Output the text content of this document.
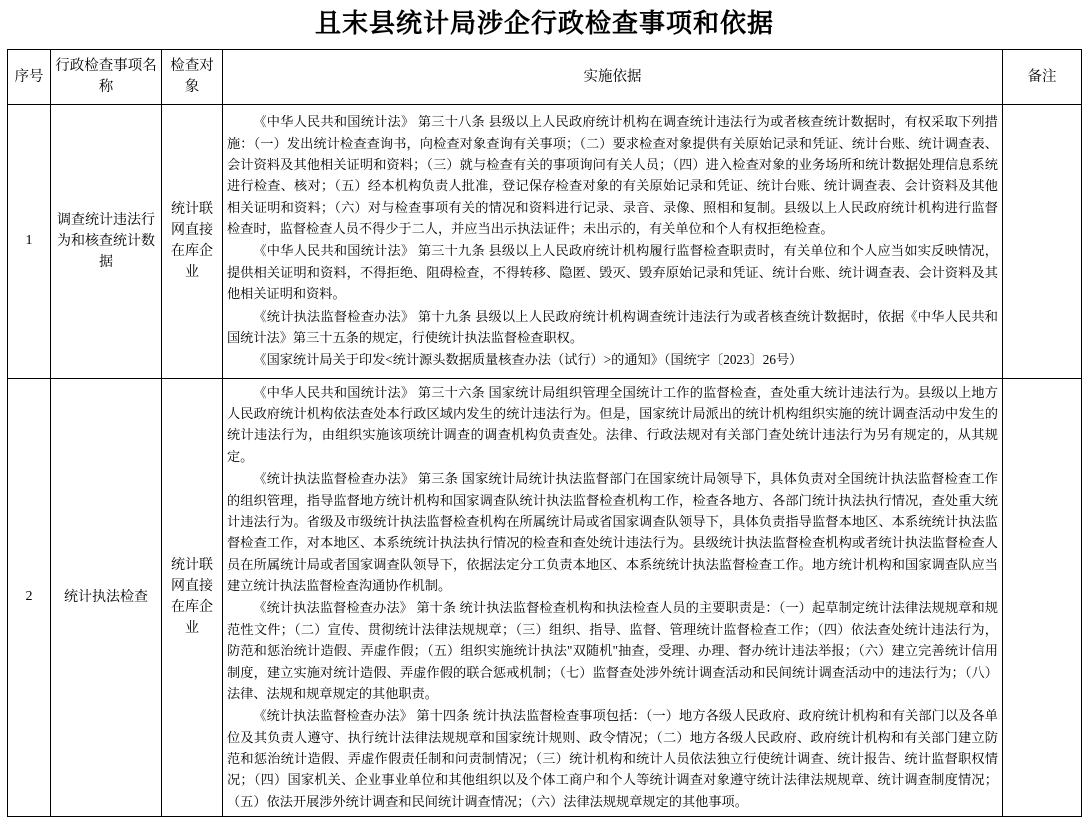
且末县统计局涉企行政检查事项和依据
序号	行政检查事项名称	检查对象	实施依据	备注
1	调查统计违法行为和核查统计数据	统计联网直接在库企业	《中华人民共和国统计法》 第三十八条 县级以上人民政府统计机构在调查统计违法行为或者核查统计数据时，有权采取下列措施：（一）发出统计检查查询书，向检查对象查询有关事项；（二）要求检查对象提供有关原始记录和凭证、统计台账、统计调查表、会计资料及其他相关证明和资料；（三）就与检查有关的事项询问有关人员；（四）进入检查对象的业务场所和统计数据处理信息系统进行检查、核对；（五）经本机构负责人批准，登记保存检查对象的有关原始记录和凭证、统计台账、统计调查表、会计资料及其他相关证明和资料；（六）对与检查事项有关的情况和资料进行记录、录音、录像、照相和复制。县级以上人民政府统计机构进行监督检查时，监督检查人员不得少于二人，并应当出示执法证件；未出示的，有关单位和个人有权拒绝检查。

《中华人民共和国统计法》 第三十九条 县级以上人民政府统计机构履行监督检查职责时，有关单位和个人应当如实反映情况，提供相关证明和资料，不得拒绝、阻碍检查，不得转移、隐匿、毁灭、毁弃原始记录和凭证、统计台账、统计调查表、会计资料及其他相关证明和资料。

《统计执法监督检查办法》 第十九条 县级以上人民政府统计机构调查统计违法行为或者核查统计数据时，依据《中华人民共和国统计法》第三十五条的规定，行使统计执法监督检查职权。

《国家统计局关于印发<统计源头数据质量核查办法（试行）>的通知》（国统字〔2023〕26号）	

2	统计执法检查	统计联网直接在库企业	《中华人民共和国统计法》 第三十六条 国家统计局组织管理全国统计工作的监督检查，查处重大统计违法行为。县级以上地方人民政府统计机构依法查处本行政区域内发生的统计违法行为。但是，国家统计局派出的统计机构组织实施的统计调查活动中发生的统计违法行为，由组织实施该项统计调查的调查机构负责查处。法律、行政法规对有关部门查处统计违法行为另有规定的，从其规定。

《统计执法监督检查办法》 第三条 国家统计局统计执法监督部门在国家统计局领导下，具体负责对全国统计执法监督检查工作的组织管理，指导监督地方统计机构和国家调查队统计执法监督检查机构工作，检查各地方、各部门统计执法执行情况，查处重大统计违法行为。省级及市级统计执法监督检查机构在所属统计局或省国家调查队领导下，具体负责指导监督本地区、本系统统计执法监督检查工作，对本地区、本系统统计执法执行情况的检查和查处统计违法行为。县级统计执法监督检查机构或者统计执法监督检查人员在所属统计局或者国家调查队领导下，依据法定分工负责本地区、本系统统计执法监督检查工作。地方统计机构和国家调查队应当建立统计执法监督检查沟通协作机制。

《统计执法监督检查办法》 第十条 统计执法监督检查机构和执法检查人员的主要职责是：（一）起草制定统计法律法规规章和规范性文件；（二）宣传、贯彻统计法律法规规章；（三）组织、指导、监督、管理统计监督检查工作；（四）依法查处统计违法行为，防范和惩治统计造假、弄虚作假；（五）组织实施统计执法"双随机"抽查，受理、办理、督办统计违法举报；（六）建立完善统计信用制度，建立实施对统计造假、弄虚作假的联合惩戒机制；（七）监督查处涉外统计调查活动和民间统计调查活动中的违法行为；（八）法律、法规和规章规定的其他职责。

《统计执法监督检查办法》 第十四条 统计执法监督检查事项包括：（一）地方各级人民政府、政府统计机构和有关部门以及各单位及其负责人遵守、执行统计法律法规规章和国家统计规则、政令情况；（二）地方各级人民政府、政府统计机构和有关部门建立防范和惩治统计造假、弄虚作假责任制和问责制情况；（三）统计机构和统计人员依法独立行使统计调查、统计报告、统计监督职权情况；（四）国家机关、企业事业单位和其他组织以及个体工商户和个人等统计调查对象遵守统计法律法规规章、统计调查制度情况；（五）依法开展涉外统计调查和民间统计调查情况；（六）法律法规规章规定的其他事项。	
